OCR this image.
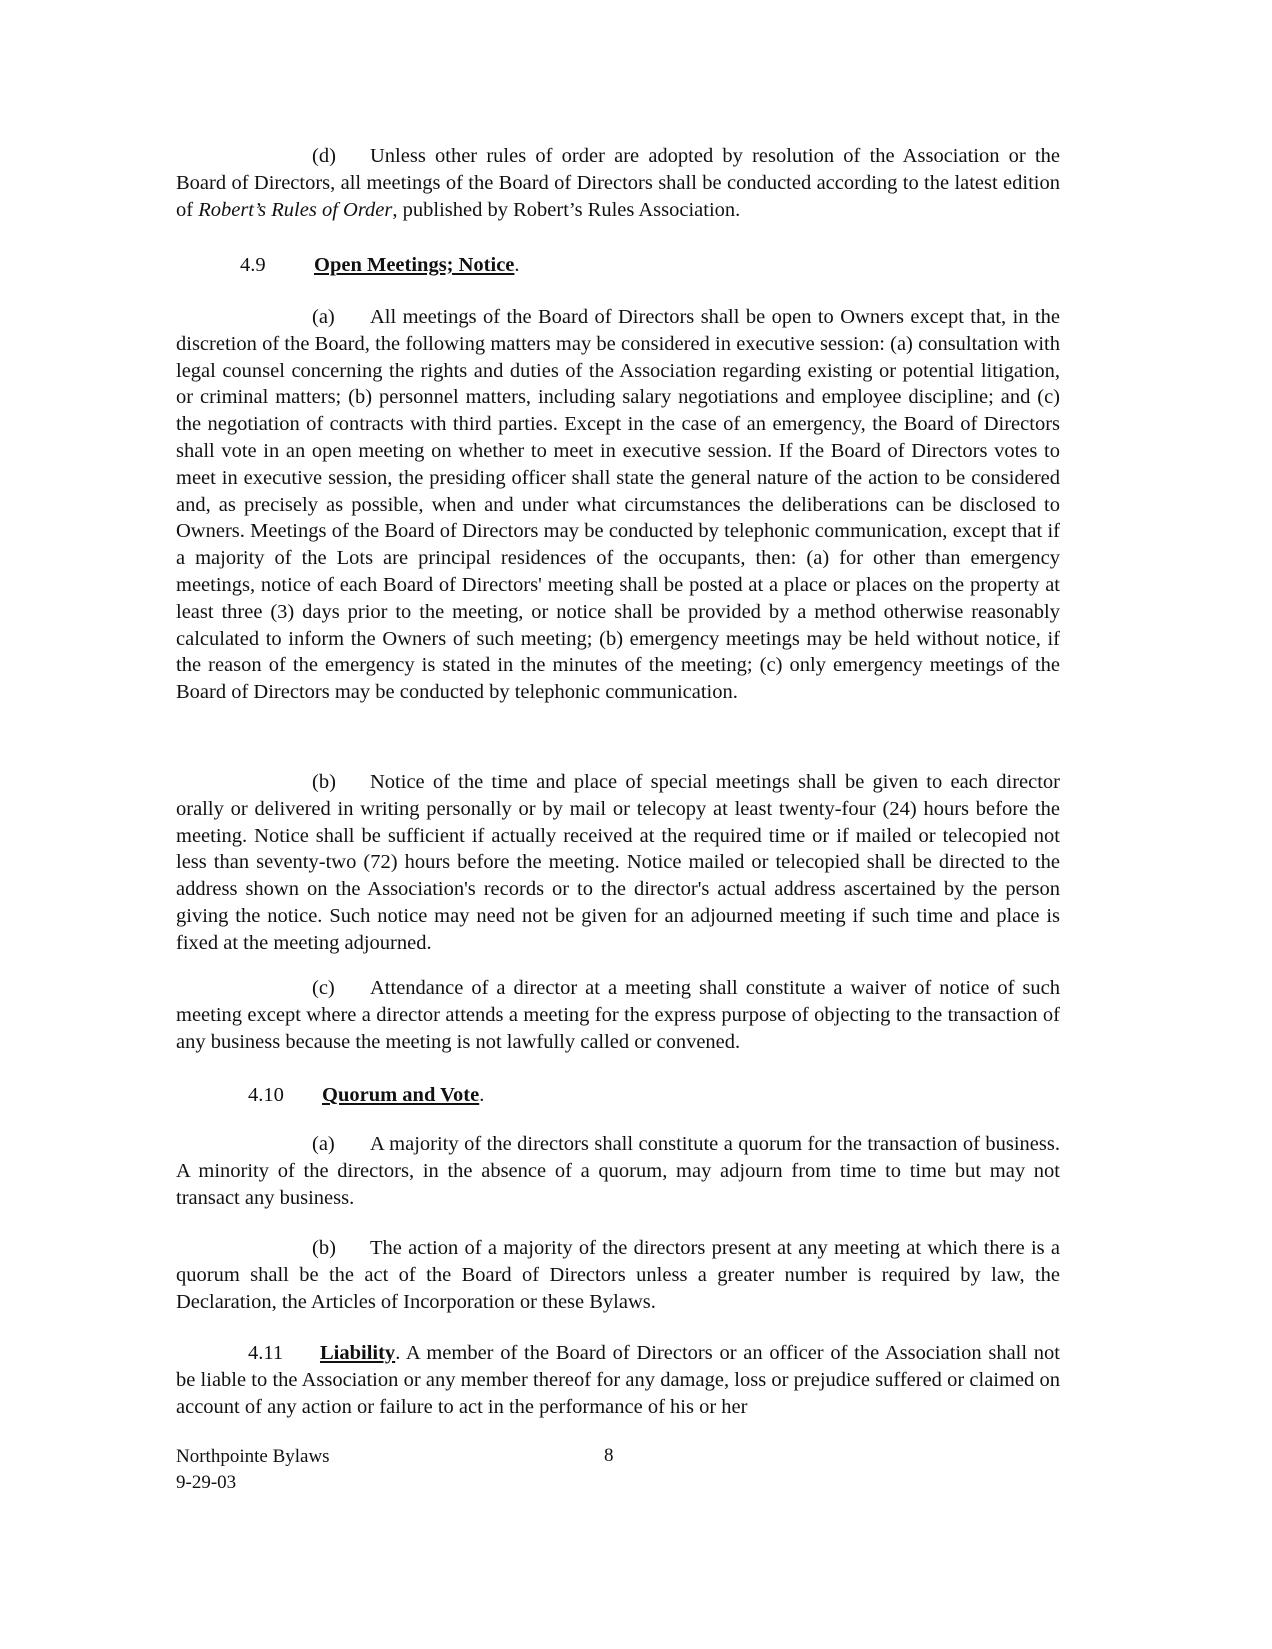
(d) Unless other rules of order are adopted by resolution of the Association or the Board of Directors, all meetings of the Board of Directors shall be conducted according to the latest edition of Robert’s Rules of Order, published by Robert’s Rules Association.
4.9 Open Meetings; Notice.
(a) All meetings of the Board of Directors shall be open to Owners except that, in the discretion of the Board, the following matters may be considered in executive session: (a) consultation with legal counsel concerning the rights and duties of the Association regarding existing or potential litigation, or criminal matters; (b) personnel matters, including salary negotiations and employee discipline; and (c) the negotiation of contracts with third parties. Except in the case of an emergency, the Board of Directors shall vote in an open meeting on whether to meet in executive session. If the Board of Directors votes to meet in executive session, the presiding officer shall state the general nature of the action to be considered and, as precisely as possible, when and under what circumstances the deliberations can be disclosed to Owners. Meetings of the Board of Directors may be conducted by telephonic communication, except that if a majority of the Lots are principal residences of the occupants, then: (a) for other than emergency meetings, notice of each Board of Directors' meeting shall be posted at a place or places on the property at least three (3) days prior to the meeting, or notice shall be provided by a method otherwise reasonably calculated to inform the Owners of such meeting; (b) emergency meetings may be held without notice, if the reason of the emergency is stated in the minutes of the meeting; (c) only emergency meetings of the Board of Directors may be conducted by telephonic communication.
(b) Notice of the time and place of special meetings shall be given to each director orally or delivered in writing personally or by mail or telecopy at least twenty-four (24) hours before the meeting. Notice shall be sufficient if actually received at the required time or if mailed or telecopied not less than seventy-two (72) hours before the meeting. Notice mailed or telecopied shall be directed to the address shown on the Association's records or to the director's actual address ascertained by the person giving the notice. Such notice may need not be given for an adjourned meeting if such time and place is fixed at the meeting adjourned.
(c) Attendance of a director at a meeting shall constitute a waiver of notice of such meeting except where a director attends a meeting for the express purpose of objecting to the transaction of any business because the meeting is not lawfully called or convened.
4.10 Quorum and Vote.
(a) A majority of the directors shall constitute a quorum for the transaction of business. A minority of the directors, in the absence of a quorum, may adjourn from time to time but may not transact any business.
(b) The action of a majority of the directors present at any meeting at which there is a quorum shall be the act of the Board of Directors unless a greater number is required by law, the Declaration, the Articles of Incorporation or these Bylaws.
4.11 Liability. A member of the Board of Directors or an officer of the Association shall not be liable to the Association or any member thereof for any damage, loss or prejudice suffered or claimed on account of any action or failure to act in the performance of his or her
Northpointe Bylaws
9-29-03
8
